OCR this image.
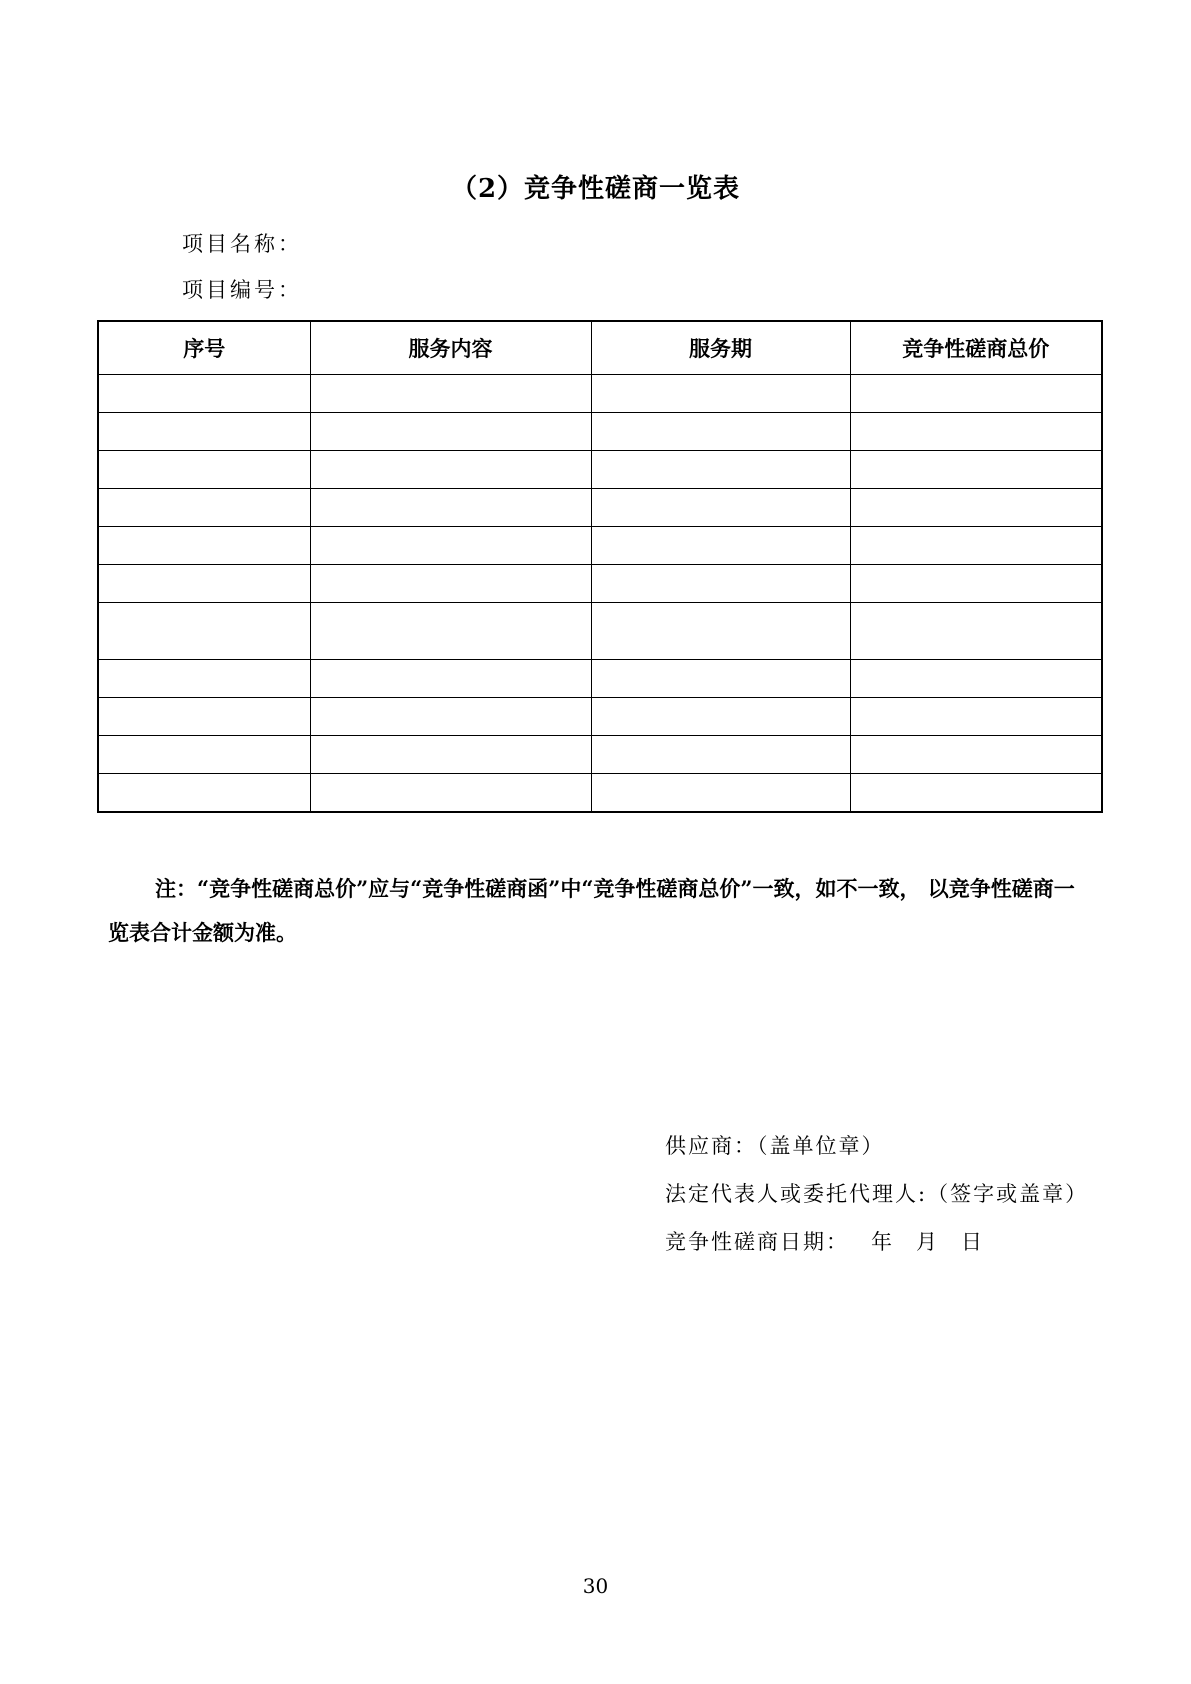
（2）竞争性磋商一览表
项目名称：
项目编号：
序号	服务内容	服务期	竞争性磋商总价

注：“竞争性磋商总价”应与“竞争性磋商函”中“竞争性磋商总价”一致，如不一致， 以竞争性磋商一览表合计金额为准。
供应商：（盖单位章）
法定代表人或委托代理人:（签字或盖章）
竞争性磋商日期： 年 月 日
30
